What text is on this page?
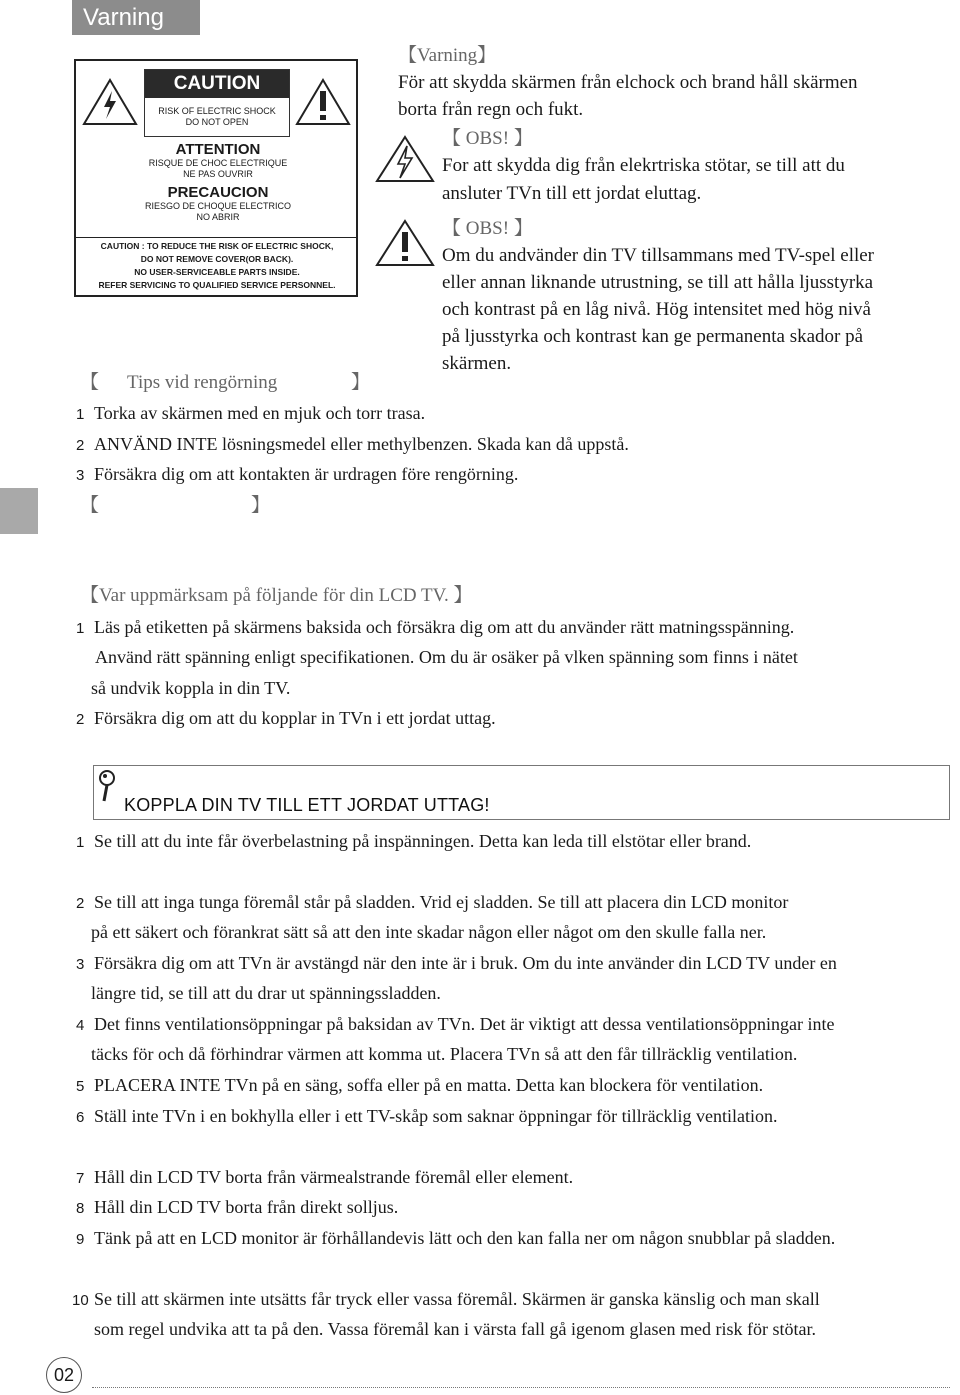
Varning
CAUTION
RISK OF ELECTRIC SHOCK
DO NOT OPEN
ATTENTION
RISQUE DE CHOC ELECTRIQUE
NE PAS OUVRIR
PRECAUCION
RIESGO DE CHOQUE ELECTRICO
NO ABRIR
CAUTION : TO REDUCE THE RISK OF ELECTRIC SHOCK,
DO NOT REMOVE COVER(OR BACK).
NO USER-SERVICEABLE PARTS INSIDE.
REFER SERVICING TO QUALIFIED SERVICE PERSONNEL.
【Varning】
För att skydda skärmen från elchock och brand håll skärmen
borta från regn och fukt.
【 OBS! 】
For att skydda dig från elekrtriska stötar, se till att du
ansluter TVn till ett jordat eluttag.
【 OBS! 】
Om du andvänder din TV tillsammans med TV-spel eller
eller annan liknande utrustning, se till att hålla ljusstyrka
och kontrast på en låg nivå. Hög intensitet med hög nivå
på ljusstyrka och kontrast kan ge permanenta skador på
skärmen.
【 Tips vid rengörning	】
1 Torka av skärmen med en mjuk och torr trasa.
2 ANVÄND INTE lösningsmedel eller methylbenzen. Skada kan då uppstå.
3 Försäkra dig om att kontakten är urdragen före rengörning.
【	】
【Var uppmärksam på följande för din LCD TV. 】
1 Läs på etiketten på skärmens baksida och försäkra dig om att du använder rätt matningsspänning.
Använd rätt spänning enligt specifikationen. Om du är osäker på vlken spänning som finns i nätet
så undvik koppla in din TV.
2 Försäkra dig om att du kopplar in TVn i ett jordat uttag.
KOPPLA DIN TV TILL ETT JORDAT UTTAG!
1 Se till att du inte får överbelastning på inspänningen. Detta kan leda till elstötar eller brand.
2 Se till att inga tunga föremål står på sladden. Vrid ej sladden. Se till att placera din LCD monitor
på ett säkert och förankrat sätt så att den inte skadar någon eller något om den skulle falla ner.
3 Försäkra dig om att TVn är avstängd när den inte är i bruk. Om du inte använder din LCD TV under en
längre tid, se till att du drar ut spänningssladden.
4 Det finns ventilationsöppningar på baksidan av TVn. Det är viktigt att dessa ventilationsöppningar inte
täcks för och då förhindrar värmen att komma ut. Placera TVn så att den får tillräcklig ventilation.
5 PLACERA INTE TVn på en säng, soffa eller på en matta. Detta kan blockera för ventilation.
6 Ställ inte TVn i en bokhylla eller i ett TV-skåp som saknar öppningar för tillräcklig ventilation.
7 Håll din LCD TV borta från värmealstrande föremål eller element.
8 Håll din LCD TV borta från direkt solljus.
9 Tänk på att en LCD monitor är förhållandevis lätt och den kan falla ner om någon snubblar på sladden.
10 Se till att skärmen inte utsätts får tryck eller vassa föremål. Skärmen är ganska känslig och man skall
som regel undvika att ta på den. Vassa föremål kan i värsta fall gå igenom glasen med risk för stötar.
02
